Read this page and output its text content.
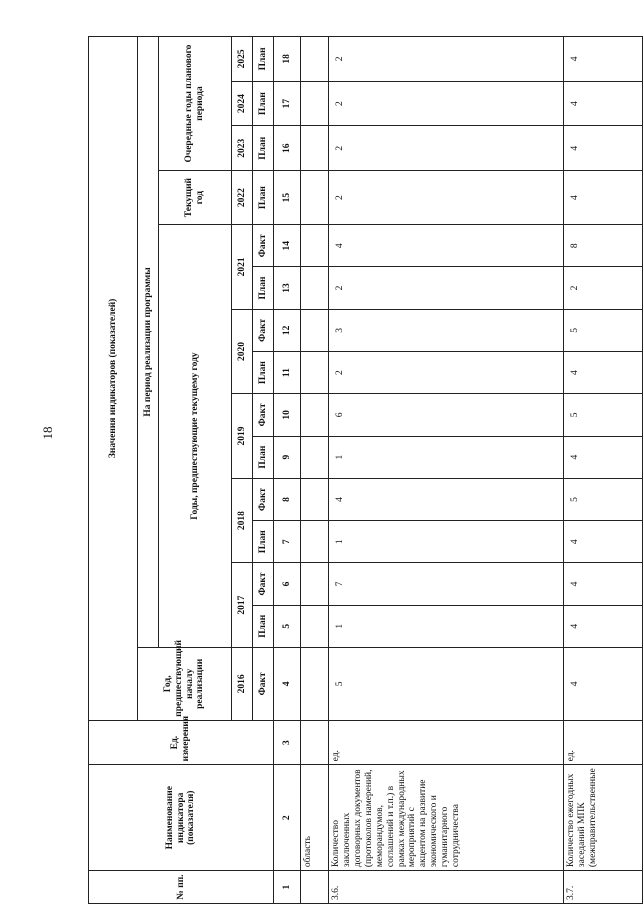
18
№ пп.	Наименование индикатора (показателя)	Ед. измерения	Значения индикаторов (показателей)														
			Год, предшествующий началу реализации	На период реализации программы													
				Годы, предшествующие текущему году										Текущий год	Очередные годы планового периода		
			2016	2017		2018		2019		2020		2021		2022	2023	2024	2025
			Факт	План	Факт	План	Факт	План	Факт	План	Факт	План	Факт	План	План	План	План
1	2	3	4	5	6	7	8	9	10	11	12	13	14	15	16	17	18
	область																
3.6.	Количество заключенных договорных документов (протоколов намерений, меморандумов, соглашений и т.п.) в рамках международных мероприятий с акцентом на развитие экономического и гуманитарного сотрудничества	ед.	5	1	7	1	4	1	6	2	3	2	4	2	2	2	2
3.7.	Количество ежегодных заседаний МПК (межправительственные	ед.	4	4	4	4	5	4	5	4	5	2	8	4	4	4	4
